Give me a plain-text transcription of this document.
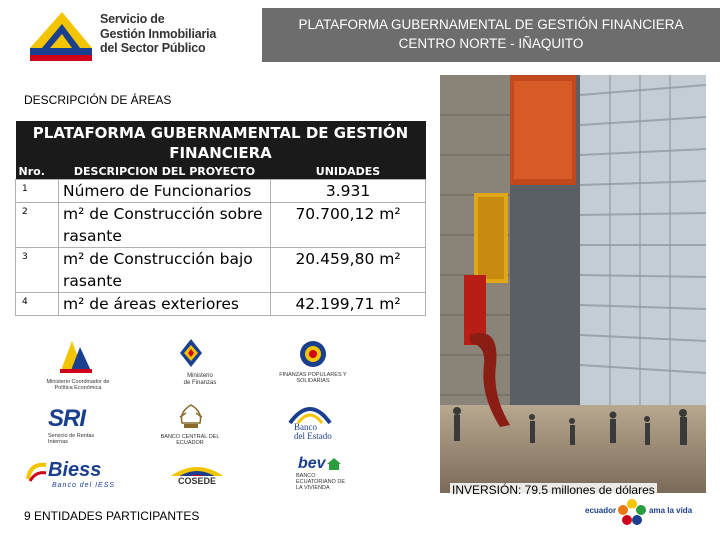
Servicio de
Gestión Inmobiliaria
del Sector Público
PLATAFORMA GUBERNAMENTAL DE GESTIÓN FINANCIERA
CENTRO NORTE - IÑAQUITO
DESCRIPCIÓN DE ÁREAS
PLATAFORMA GUBERNAMENTAL DE GESTIÓN FINANCIERA		
Nro.	DESCRIPCION DEL PROYECTO	UNIDADES
1	Número de Funcionarios	3.931
2	m² de Construcción sobre rasante	70.700,12 m²
3	m² de Construcción bajo rasante	20.459,80 m²
4	m² de áreas exteriores	42.199,71 m²
Ministerio Coordinador de Política Económica
Ministerio
de Finanzas
FINANZAS POPULARES Y SOLIDARIAS
SRI
Servicio de Rentas Internas
BANCO CENTRAL DEL ECUADOR
Banco
del Estado
Biess
Banco del IESS	COSEDE
bev
BANCO ECUATORIANO DE LA VIVIENDA	INVERSIÓN: 79.5 millones de dólares
9 ENTIDADES PARTICIPANTES	ecuador	ama la vida
